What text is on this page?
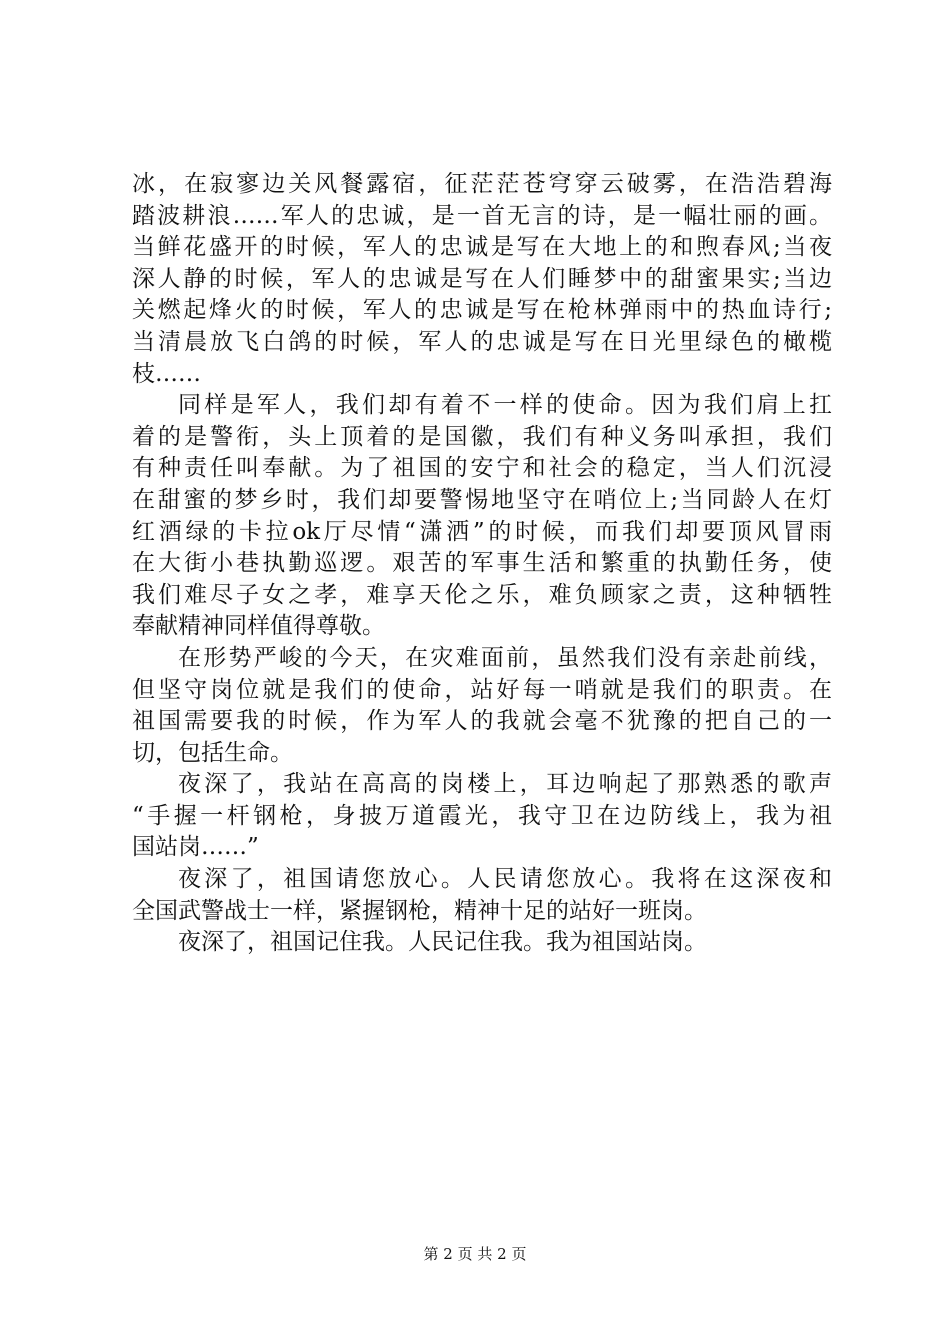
冰，在寂寥边关风餐露宿，征茫茫苍穹穿云破雾，在浩浩碧海
踏波耕浪……军人的忠诚，是一首无言的诗，是一幅壮丽的画。
当鲜花盛开的时候，军人的忠诚是写在大地上的和煦春风;当夜
深人静的时候，军人的忠诚是写在人们睡梦中的甜蜜果实;当边
关燃起烽火的时候，军人的忠诚是写在枪林弹雨中的热血诗行;
当清晨放飞白鸽的时候，军人的忠诚是写在日光里绿色的橄榄
枝……
同样是军人，我们却有着不一样的使命。因为我们肩上扛
着的是警衔，头上顶着的是国徽，我们有种义务叫承担，我们
有种责任叫奉献。为了祖国的安宁和社会的稳定，当人们沉浸
在甜蜜的梦乡时，我们却要警惕地坚守在哨位上;当同龄人在灯
红酒绿的卡拉ok厅尽情“潇洒”的时候，而我们却要顶风冒雨
在大街小巷执勤巡逻。艰苦的军事生活和繁重的执勤任务，使
我们难尽子女之孝，难享天伦之乐，难负顾家之责，这种牺牲
奉献精神同样值得尊敬。
在形势严峻的今天，在灾难面前，虽然我们没有亲赴前线，
但坚守岗位就是我们的使命，站好每一哨就是我们的职责。在
祖国需要我的时候，作为军人的我就会毫不犹豫的把自己的一
切，包括生命。
夜深了，我站在高高的岗楼上，耳边响起了那熟悉的歌声
“手握一杆钢枪，身披万道霞光，我守卫在边防线上，我为祖
国站岗……”
夜深了，祖国请您放心。人民请您放心。我将在这深夜和
全国武警战士一样，紧握钢枪，精神十足的站好一班岗。
夜深了，祖国记住我。人民记住我。我为祖国站岗。
第 2 页 共 2 页
